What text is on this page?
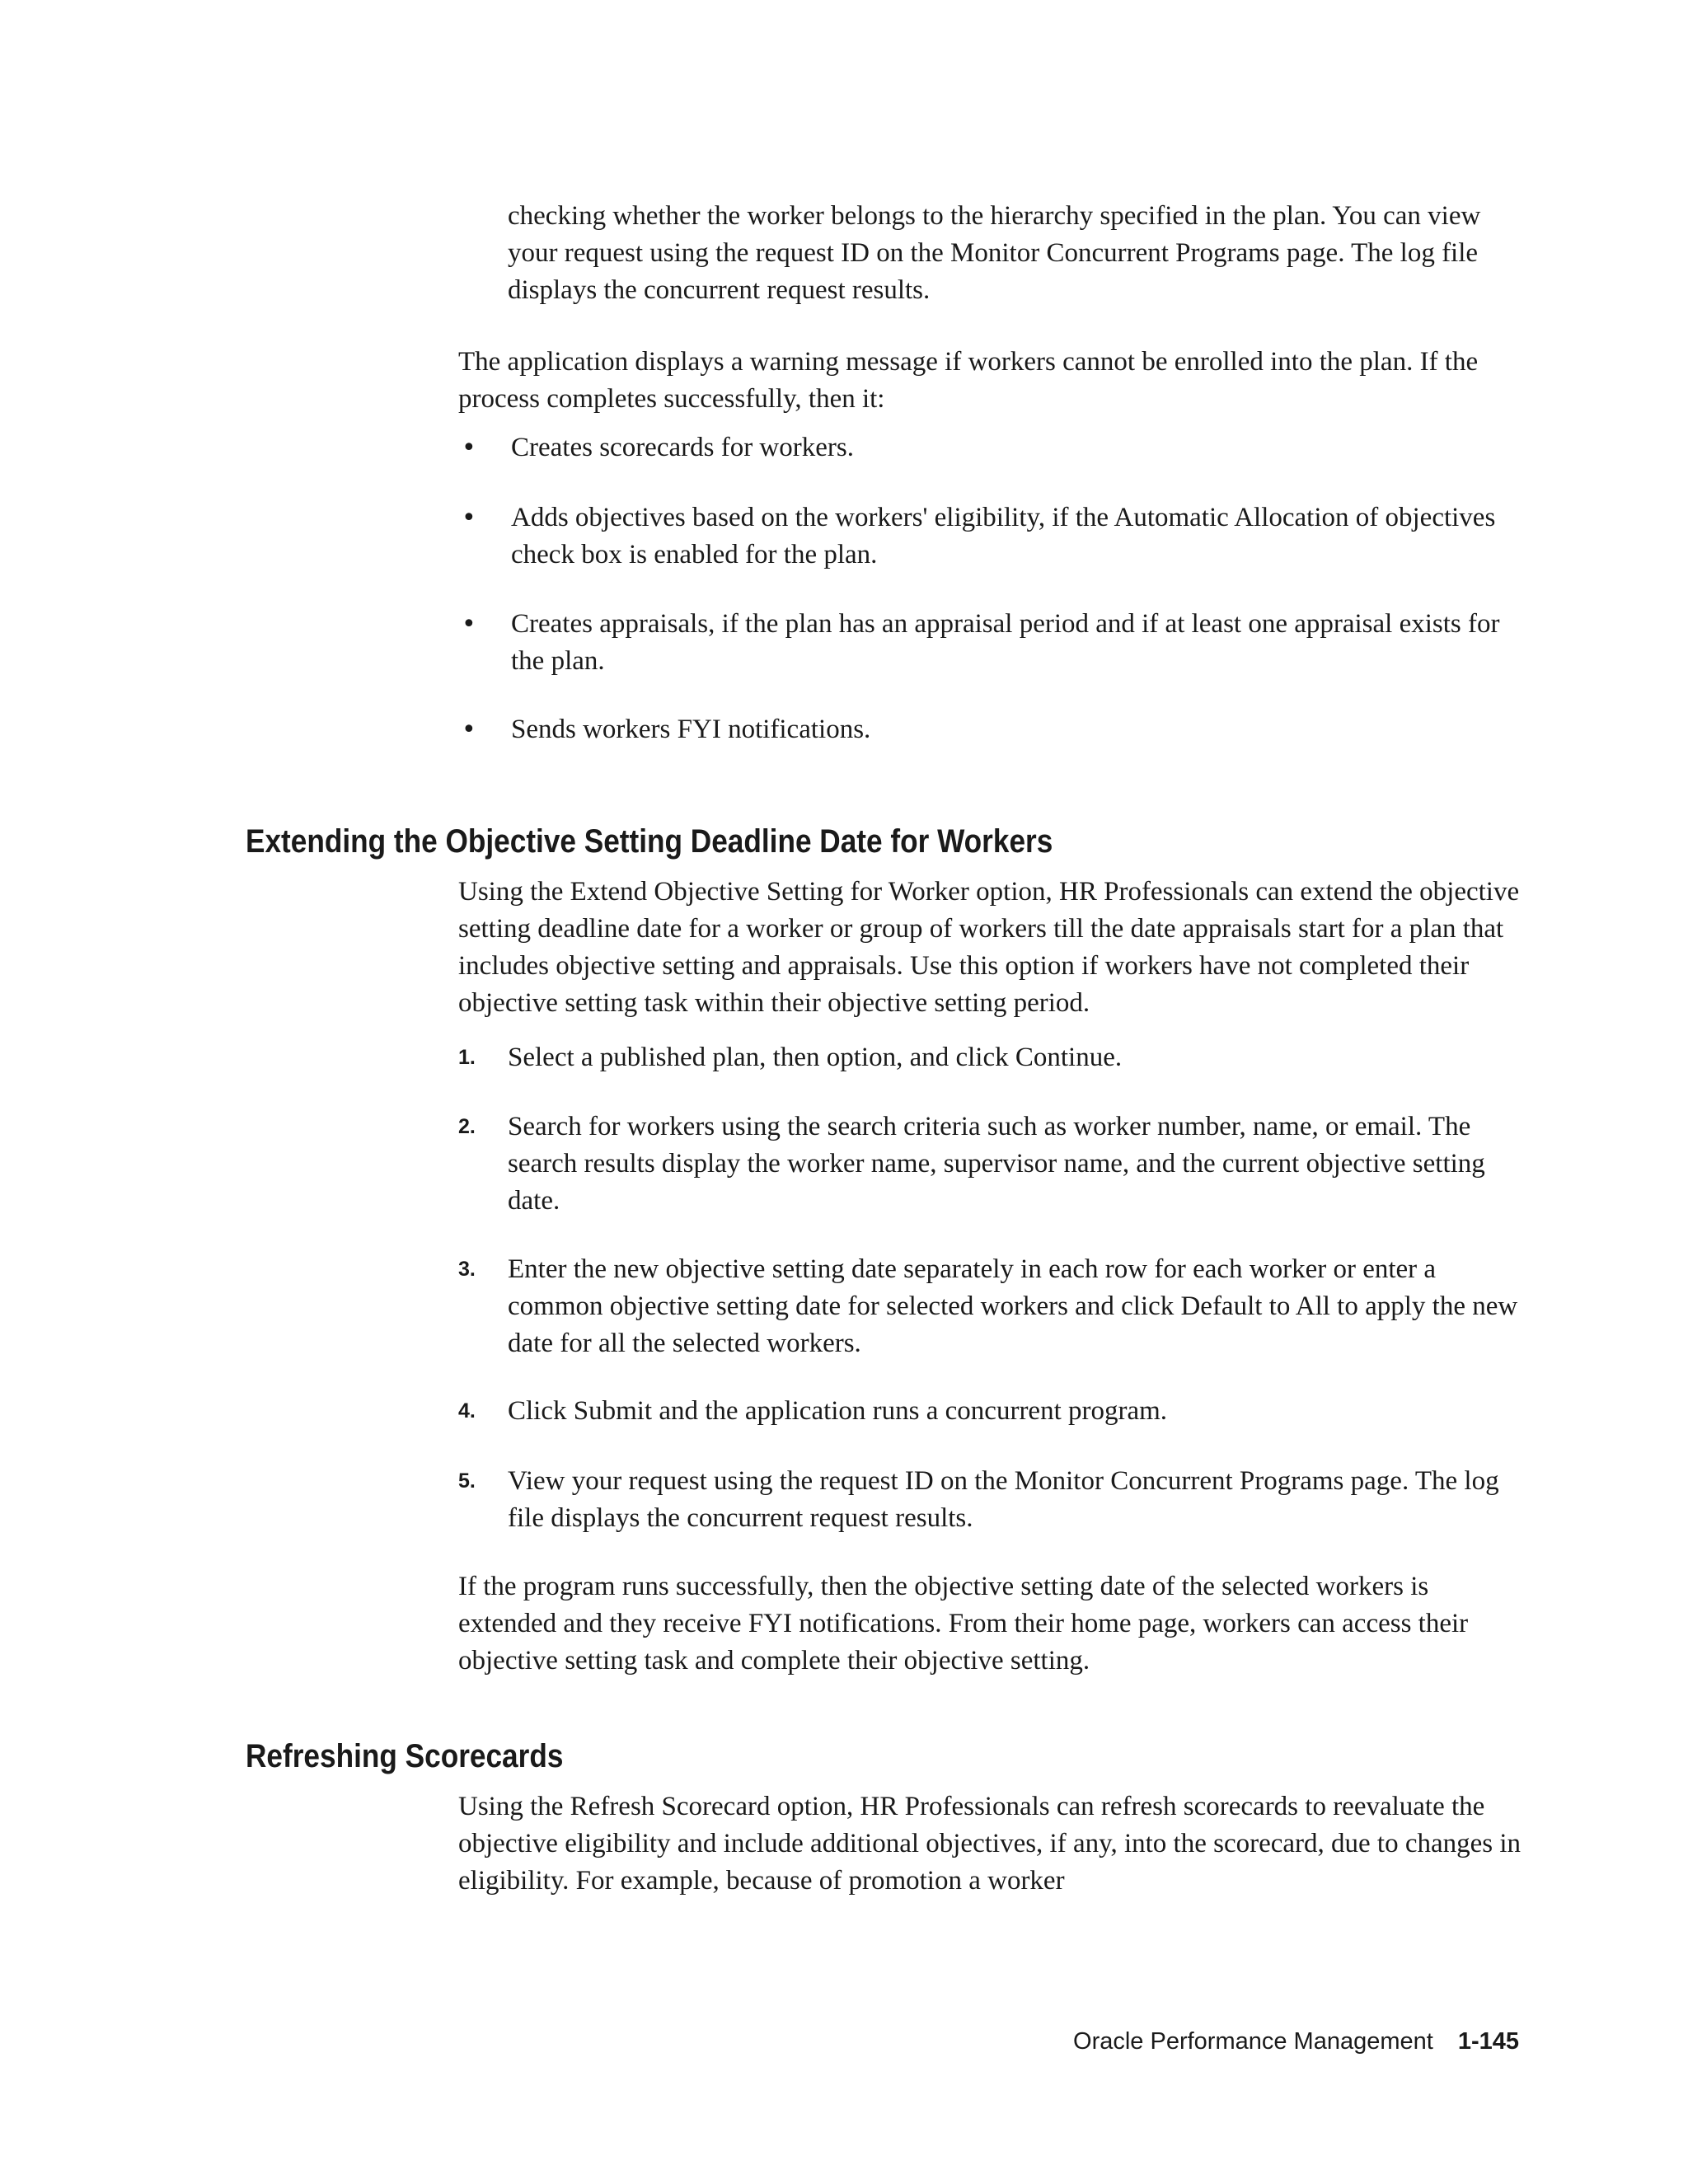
checking whether the worker belongs to the hierarchy specified in the plan. You can view your request using the request ID on the Monitor Concurrent Programs page. The log file displays the concurrent request results.

The application displays a warning message if workers cannot be enrolled into the plan. If the process completes successfully, then it:

•	Creates scorecards for workers.
•	Adds objectives based on the workers' eligibility, if the Automatic Allocation of objectives check box is enabled for the plan.
•	Creates appraisals, if the plan has an appraisal period and if at least one appraisal exists for the plan.
•	Sends workers FYI notifications.
Extending the Objective Setting Deadline Date for Workers

Using the Extend Objective Setting for Worker option, HR Professionals can extend the objective setting deadline date for a worker or group of workers till the date appraisals start for a plan that includes objective setting and appraisals. Use this option if workers have not completed their objective setting task within their objective setting period.

1.	Select a published plan, then option, and click Continue.
2.	Search for workers using the search criteria such as worker number, name, or email. The search results display the worker name, supervisor name, and the current objective setting date.
3.	Enter the new objective setting date separately in each row for each worker or enter a common objective setting date for selected workers and click Default to All to apply the new date for all the selected workers.
4.	Click Submit and the application runs a concurrent program.
5.	View your request using the request ID on the Monitor Concurrent Programs page. The log file displays the concurrent request results.

If the program runs successfully, then the objective setting date of the selected workers is extended and they receive FYI notifications. From their home page, workers can access their objective setting task and complete their objective setting.

Refreshing Scorecards

Using the Refresh Scorecard option, HR Professionals can refresh scorecards to reevaluate the objective eligibility and include additional objectives, if any, into the scorecard, due to changes in eligibility. For example, because of promotion a worker

Oracle Performance Management 1-145
